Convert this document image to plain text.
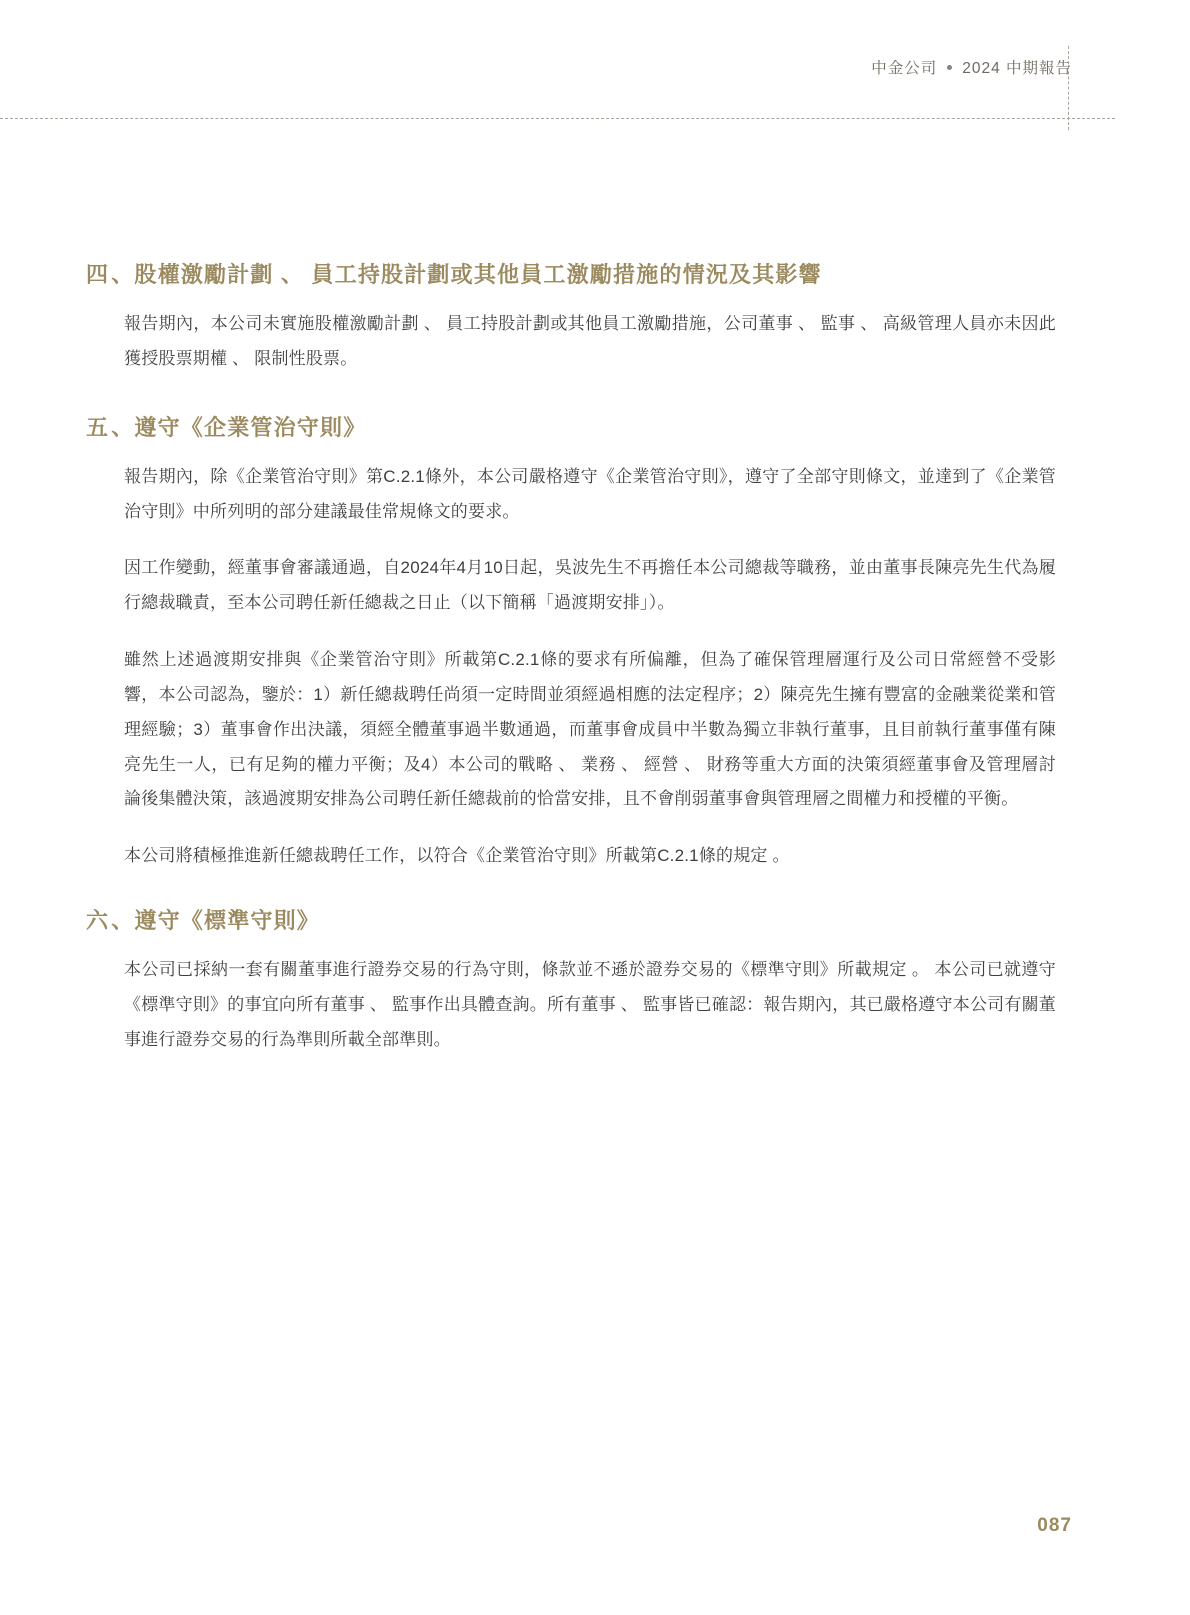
中金公司 2024 中期報告
四、股權激勵計劃 、 員工持股計劃或其他員工激勵措施的情況及其影響

報告期內，本公司未實施股權激勵計劃 、 員工持股計劃或其他員工激勵措施，公司董事 、 監事 、 高級管理人員亦未因此獲授股票期權 、 限制性股票。

五、遵守《企業管治守則》

報告期內，除《企業管治守則》第C.2.1條外，本公司嚴格遵守《企業管治守則》，遵守了全部守則條文，並達到了《企業管治守則》中所列明的部分建議最佳常規條文的要求。

因工作變動，經董事會審議通過，自2024年4月10日起，吳波先生不再擔任本公司總裁等職務，並由董事長陳亮先生代為履行總裁職責，至本公司聘任新任總裁之日止（以下簡稱「過渡期安排」）。

雖然上述過渡期安排與《企業管治守則》所載第C.2.1條的要求有所偏離，但為了確保管理層運行及公司日常經營不受影響，本公司認為，鑒於：1）新任總裁聘任尚須一定時間並須經過相應的法定程序；2）陳亮先生擁有豐富的金融業從業和管理經驗；3）董事會作出決議，須經全體董事過半數通過，而董事會成員中半數為獨立非執行董事，且目前執行董事僅有陳亮先生一人，已有足夠的權力平衡；及4）本公司的戰略 、 業務 、 經營 、 財務等重大方面的決策須經董事會及管理層討論後集體決策，該過渡期安排為公司聘任新任總裁前的恰當安排，且不會削弱董事會與管理層之間權力和授權的平衡。

本公司將積極推進新任總裁聘任工作，以符合《企業管治守則》所載第C.2.1條的規定 。

六、遵守《標準守則》

本公司已採納一套有關董事進行證券交易的行為守則，條款並不遜於證券交易的《標準守則》所載規定 。 本公司已就遵守《標準守則》的事宜向所有董事 、 監事作出具體查詢。所有董事 、 監事皆已確認：報告期內，其已嚴格遵守本公司有關董事進行證券交易的行為準則所載全部準則。

087
